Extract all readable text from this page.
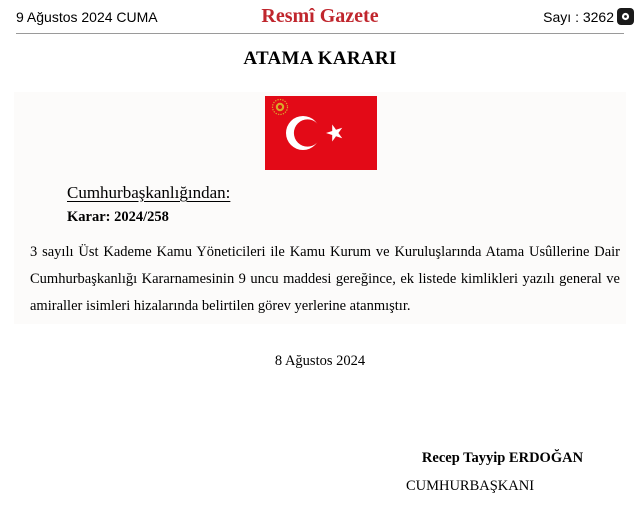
9 Ağustos 2024 CUMA	Resmî Gazete	Sayı : 3262
ATAMA KARARI
Cumhurbaşkanlığından:
Karar: 2024/258
3 sayılı Üst Kademe Kamu Yöneticileri ile Kamu Kurum ve Kuruluşlarında Atama Usûllerine Dair Cumhurbaşkanlığı Kararnamesinin 9 uncu maddesi gereğince, ek listede kimlikleri yazılı general ve amiraller isimleri hizalarında belirtilen görev yerlerine atanmıştır.
8 Ağustos 2024
Recep Tayyip ERDOĞAN
CUMHURBAŞKANI
